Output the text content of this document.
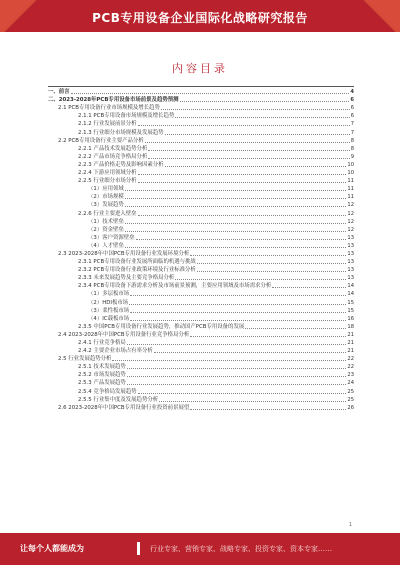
PCB专用设备企业国际化战略研究报告
内容目录
一、前言	4
二、2023-2028年PCB专用设备市场前景及趋势预测	6
2.1 PCB专用设备行业市场规模及增长趋势	6
2.1.1 PCB专用设备市场规模及增长趋势	6
2.1.2 行业发展前景分析	7
2.1.3 行业细分市场规模及发展趋势	7
2.2 PCB专用设备行业主要产品分析	8
2.2.1 产品技术发展趋势分析	8
2.2.2 产品市场竞争格局分析	9
2.2.3 产品价格走势及影响因素分析	10
2.2.4 下游应用领域分析	10
2.2.5 行业细分市场分析	11
（1）应用领域	11
（2）市场规模	11
（3）发展趋势	12
2.2.6 行业主要进入壁垒	12
（1）技术壁垒	12
（2）资金壁垒	12
（3）客户资源壁垒	13
（4）人才壁垒	13
2.3 2023-2028年中国PCB专用设备行业发展环境分析	13
2.3.1 PCB专用设备行业发展所面临的机遇与挑战	13
2.3.2 PCB专用设备行业政策环境及行业标准分析	13
2.3.3 未来发展趋势及主要竞争格局分析	13
2.3.4 PCB专用设备下游需求分析及市场前景预测，主要应用领域及市场需求分析	14
（1）多层板市场	14
（2）HDI板市场	15
（3）柔性板市场	15
（4）IC载板市场	16
2.3.5 中国PCB专用设备行业发展趋势，推动国产PCB专用设备的发展	18
2.4 2023-2028年中国PCB专用设备行业竞争格局分析	21
2.4.1 行业竞争格局	21
2.4.2 主要企业市场占有率分析	21
2.5 行业发展趋势分析	22
2.5.1 技术发展趋势	22
2.5.2 市场发展趋势	23
2.5.3 产品发展趋势	24
2.5.4 竞争格局发展趋势	25
2.5.5 行业集中度及发展趋势分析	25
2.6 2023-2028年中国PCB专用设备行业投资前景展望	26
1
让每个人都能成为	行业专家、营销专家、战略专家、投资专家、资本专家……
